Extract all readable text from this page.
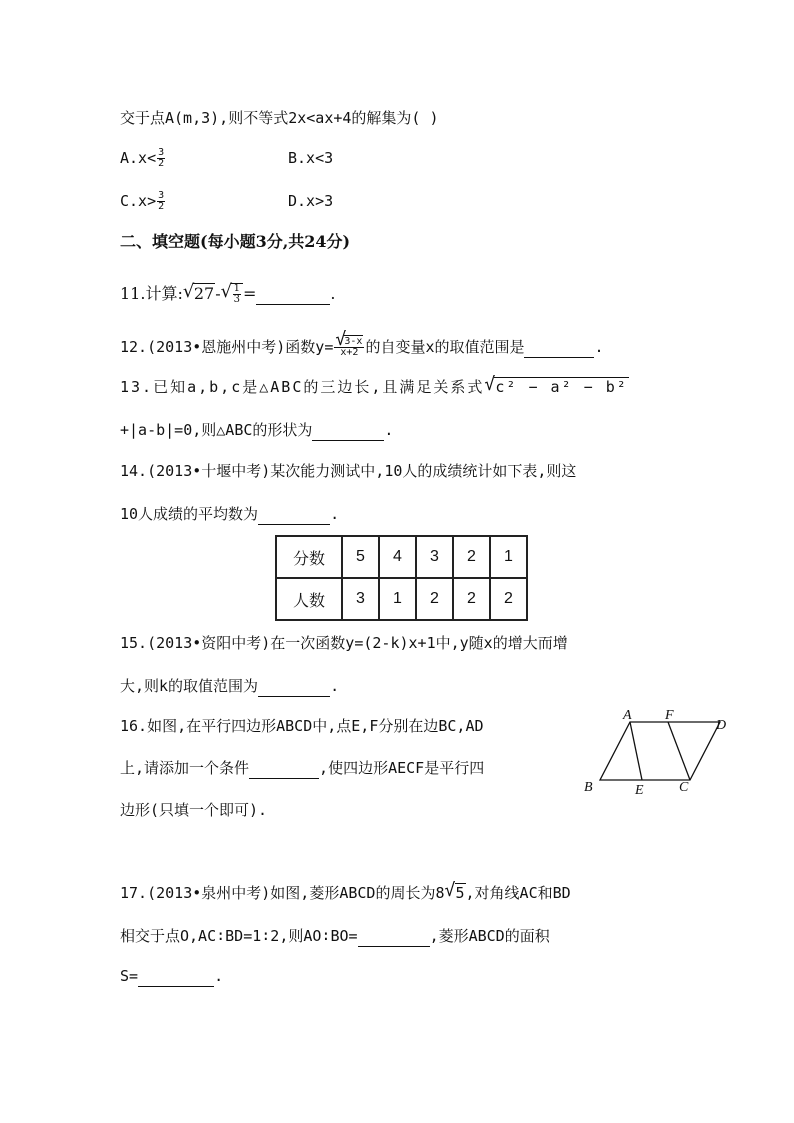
交于点A(m,3),则不等式2x<ax+4的解集为( )
$A.x< \frac{3}{2}$	B.x<3
$C.x> \frac{3}{2}$	D.x>3
二、填空题(每小题3分,共24分)
11.计算: √ 27- √ $\frac{1}{3}$ =	.
12.(2013•恩施州中考)函数y= √ $\frac{3-x}{x+2}$ 的自变量x的取值范围是	.
13.已知a,b,c是△ABC的三边长,且满足关系式 √ c² − a² − b²
+|a-b|=0,则△ABC的形状为	.
14.(2013•十堰中考)某次能力测试中,10人的成绩统计如下表,则这
10人成绩的平均数为	.
分数	5	4	3	2	1
人数	3	1	2	2	2
15.(2013•资阳中考)在一次函数y=(2-k)x+1中,y随x的增大而增
大,则k的取值范围为	.
16.如图,在平行四边形ABCD中,点E,F分别在边BC,AD
上,请添加一个条件	,使四边形AECF是平行四
边形(只填一个即可).
A F
D
B	E	C
17.(2013•泉州中考)如图,菱形ABCD的周长为8 √ 5,对角线AC和BD
相交于点O,AC∶BD=1∶2,则AO∶BO=	,菱形ABCD的面积
S=	.
